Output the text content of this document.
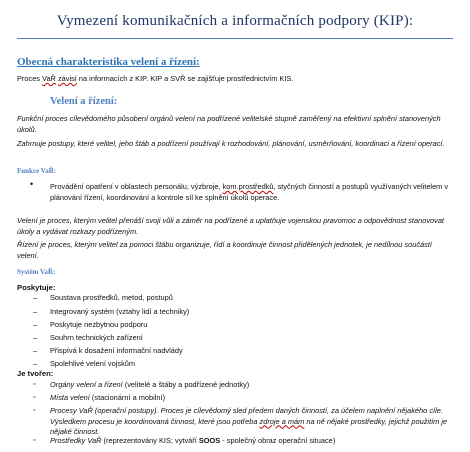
Vymezení komunikačních a informačních podpory (KIP):
Obecná charakteristika velení a řízení:
Proces VaŘ závisí na informacích z KIP. KIP a SVŘ se zajišťuje prostřednictvím KIS.
Velení a řízení:
Funkční proces cílevědomého působení orgánů velení na podřízené velitelské stupně zaměřený na efektivní splnění stanovených úkolů.
Zahrnuje postupy, které velitel, jeho štáb a podřízení používají k rozhodování, plánování, usměrňování, koordinaci a řízení operací.
Funkce VaŘ:
• Provádění opatření v oblastech personálu, výzbroje, kom.prostředků, styčných činností a postupů využívaných velitelem v plánování řízení, koordinování a kontrole síl ke splnění úkolů operace.
Velení je proces, kterým velitel přenáší svoji vůli a záměr na podřízené a uplatňuje vojenskou pravomoc a odpovědnost stanovovat úkoly a vydávat rozkazy podřízeným.
Řízení je proces, kterým velitel za pomoci štábu organizuje, řídí a koordinuje činnost přidělených jednotek, je nedílnou součástí velení.
Systém VaŘ:
Poskytuje:
– Soustava prostředků, metod, postupů
– Integrovaný systém (vztahy lidí a techniky)
– Poskytuje nezbytnou podporu
– Souhrn technických zařízení
– Přispívá k dosažení informační nadvlády
– Spolehlivé velení vojskům
Je tvořen:
▫ Orgány velení a řízení (velitelé a štáby a podřízené jednotky)
▫ Místa velení (stacionární a mobilní)
▫ Procesy VaŘ (operační postupy). Proces je cílevědomý sled předem daných činností, za účelem naplnění nějakého cíle. Výsledkem procesu je koordinovaná činnost, které jsou potřeba zdroje a mám na ně nějaké prostředky, jejichž použitím je nějaké činnost.
▫ Prostředky VaŘ (reprezentovány KIS; vytváří SOOS - společný obraz operační situace)
